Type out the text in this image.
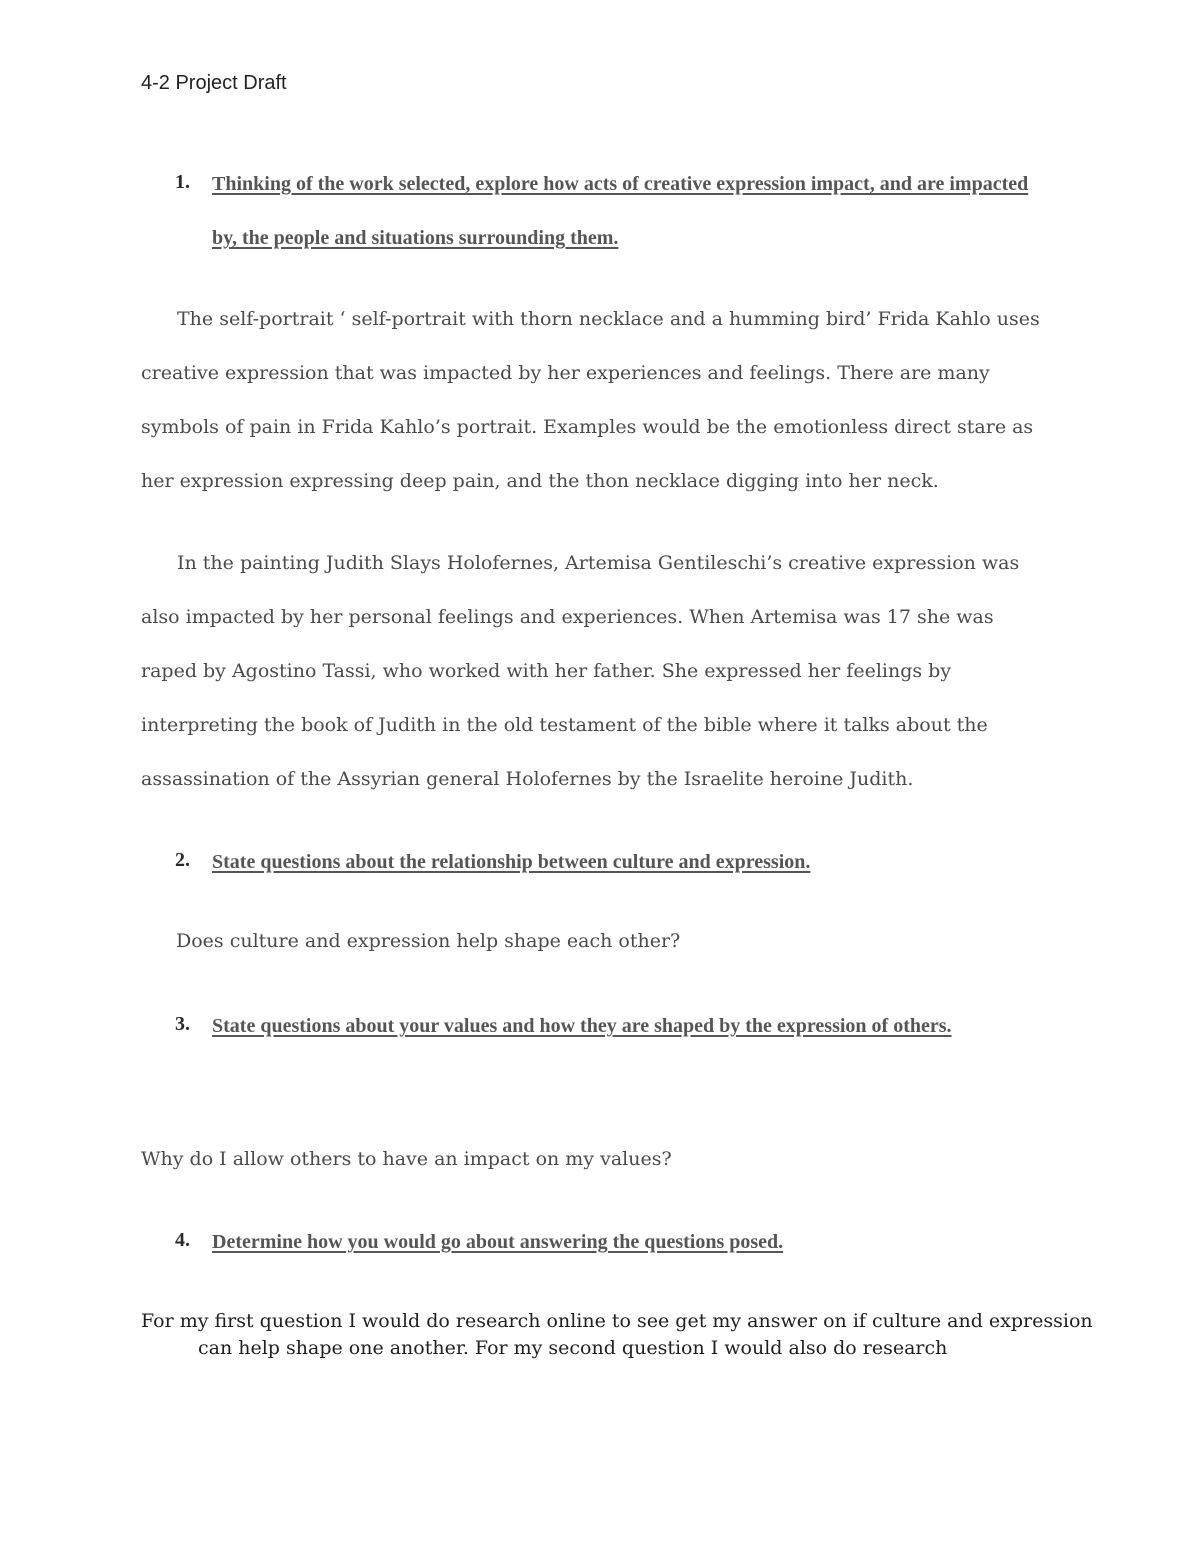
4-2 Project Draft
1. Thinking of the work selected, explore how acts of creative expression impact, and are impacted by, the people and situations surrounding them.

The self-portrait ‘ self-portrait with thorn necklace and a humming bird’ Frida Kahlo uses creative expression that was impacted by her experiences and feelings. There are many symbols of pain in Frida Kahlo’s portrait. Examples would be the emotionless direct stare as her expression expressing deep pain, and the thon necklace digging into her neck.

In the painting Judith Slays Holofernes, Artemisa Gentileschi’s creative expression was also impacted by her personal feelings and experiences. When Artemisa was 17 she was raped by Agostino Tassi, who worked with her father. She expressed her feelings by interpreting the book of Judith in the old testament of the bible where it talks about the assassination of the Assyrian general Holofernes by the Israelite heroine Judith.

2. State questions about the relationship between culture and expression.
Does culture and expression help shape each other?
3. State questions about your values and how they are shaped by the expression of others.
Why do I allow others to have an impact on my values?
4. Determine how you would go about answering the questions posed.

For my first question I would do research online to see get my answer on if culture and expression can help shape one another. For my second question I would also do research
